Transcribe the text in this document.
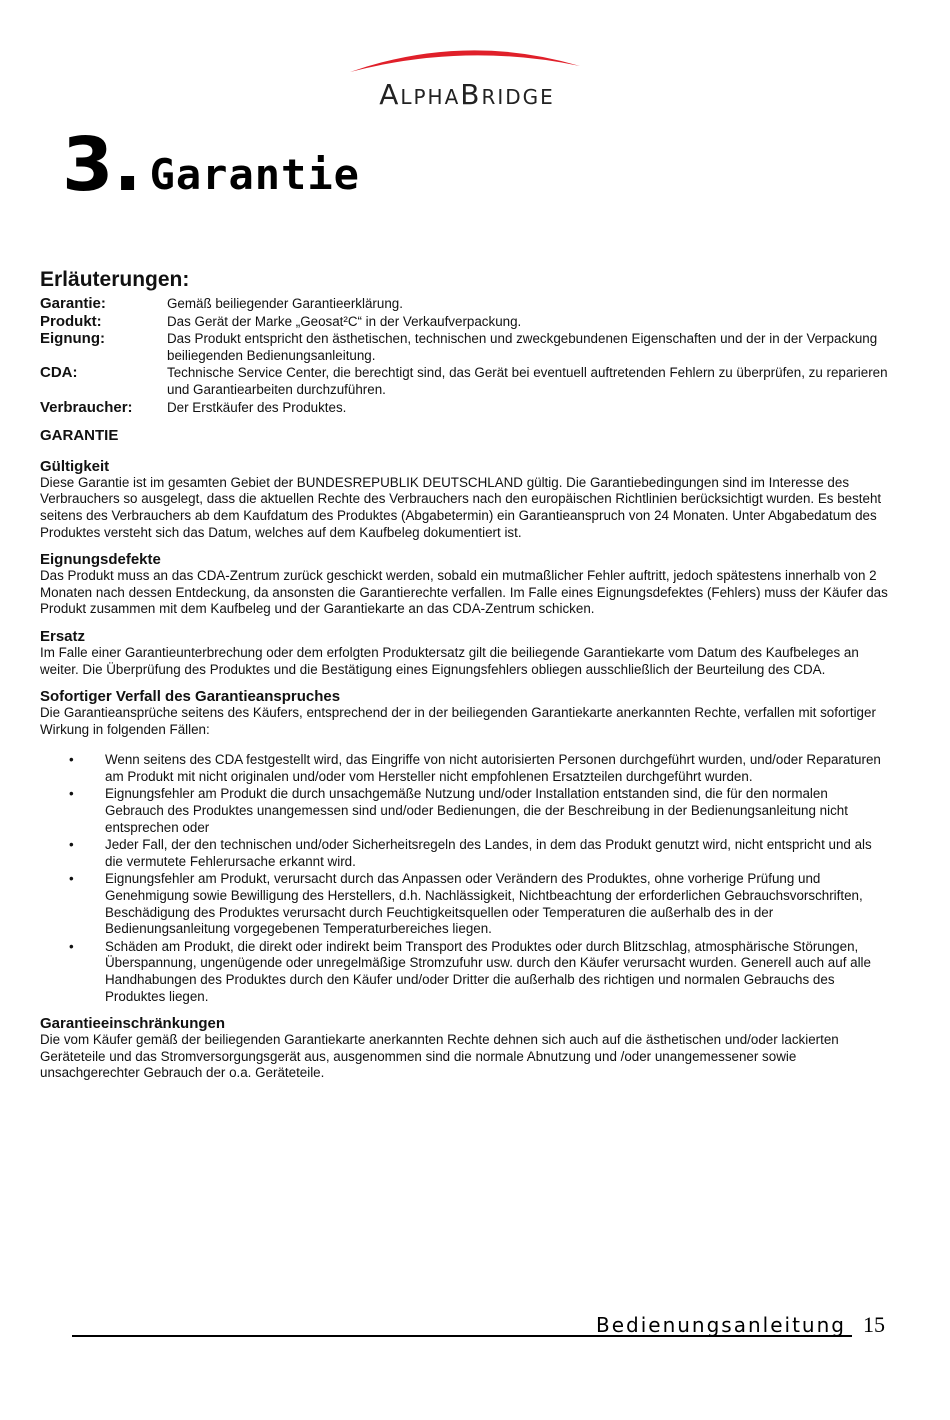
AlphaBridge
3. Garantie
Erläuterungen:
Garantie:	Gemäß beiliegender Garantieerklärung.
Produkt:	Das Gerät der Marke „Geosat²C“ in der Verkaufverpackung.
Eignung:	Das Produkt entspricht den ästhetischen, technischen und zweckgebundenen Eigenschaften und der in der Verpackung beiliegenden Bedienungsanleitung.
CDA:	Technische Service Center, die berechtigt sind, das Gerät bei eventuell auftretenden Fehlern zu überprüfen, zu reparieren und Garantiearbeiten durchzuführen.
Verbraucher:	Der Erstkäufer des Produktes.
GARANTIE
Gültigkeit

Diese Garantie ist im gesamten Gebiet der BUNDESREPUBLIK DEUTSCHLAND gültig. Die Garantiebedingungen sind im Interesse des Verbrauchers so ausgelegt, dass die aktuellen Rechte des Verbrauchers nach den europäischen Richtlinien berücksichtigt wurden. Es besteht seitens des Verbrauchers ab dem Kaufdatum des Produktes (Abgabetermin) ein Garantieanspruch von 24 Monaten. Unter Abgabedatum des Produktes versteht sich das Datum, welches auf dem Kaufbeleg dokumentiert ist.

Eignungsdefekte

Das Produkt muss an das CDA-Zentrum zurück geschickt werden, sobald ein mutmaßlicher Fehler auftritt, jedoch spätestens innerhalb von 2 Monaten nach dessen Entdeckung, da ansonsten die Garantierechte verfallen. Im Falle eines Eignungsdefektes (Fehlers) muss der Käufer das Produkt zusammen mit dem Kaufbeleg und der Garantiekarte an das CDA-Zentrum schicken.

Ersatz

Im Falle einer Garantieunterbrechung oder dem erfolgten Produktersatz gilt die beiliegende Garantiekarte vom Datum des Kaufbeleges an weiter. Die Überprüfung des Produktes und die Bestätigung eines Eignungsfehlers obliegen ausschließlich der Beurteilung des CDA.

Sofortiger Verfall des Garantieanspruches

Die Garantieansprüche seitens des Käufers, entsprechend der in der beiliegenden Garantiekarte anerkannten Rechte, verfallen mit sofortiger Wirkung in folgenden Fällen:

• Wenn seitens des CDA festgestellt wird, das Eingriffe von nicht autorisierten Personen durchgeführt wurden, und/oder Reparaturen am Produkt mit nicht originalen und/oder vom Hersteller nicht empfohlenen Ersatzteilen durchgeführt wurden.
• Eignungsfehler am Produkt die durch unsachgemäße Nutzung und/oder Installation entstanden sind, die für den normalen Gebrauch des Produktes unangemessen sind und/oder Bedienungen, die der Beschreibung in der Bedienungsanleitung nicht entsprechen oder
• Jeder Fall, der den technischen und/oder Sicherheitsregeln des Landes, in dem das Produkt genutzt wird, nicht entspricht und als die vermutete Fehlerursache erkannt wird.
• Eignungsfehler am Produkt, verursacht durch das Anpassen oder Verändern des Produktes, ohne vorherige Prüfung und Genehmigung sowie Bewilligung des Herstellers, d.h. Nachlässigkeit, Nichtbeachtung der erforderlichen Gebrauchsvorschriften, Beschädigung des Produktes verursacht durch Feuchtigkeitsquellen oder Temperaturen die außerhalb des in der Bedienungsanleitung vorgegebenen Temperaturbereiches liegen.
• Schäden am Produkt, die direkt oder indirekt beim Transport des Produktes oder durch Blitzschlag, atmosphärische Störungen, Überspannung, ungenügende oder unregelmäßige Stromzufuhr usw. durch den Käufer verursacht wurden. Generell auch auf alle Handhabungen des Produktes durch den Käufer und/oder Dritter die außerhalb des richtigen und normalen Gebrauchs des Produktes liegen.
Garantieeinschränkungen

Die vom Käufer gemäß der beiliegenden Garantiekarte anerkannten Rechte dehnen sich auch auf die ästhetischen und/oder lackierten Geräteteile und das Stromversorgungsgerät aus, ausgenommen sind die normale Abnutzung und /oder unangemessener sowie unsachgerechter Gebrauch der o.a. Geräteteile.

Bedienungsanleitung 15
